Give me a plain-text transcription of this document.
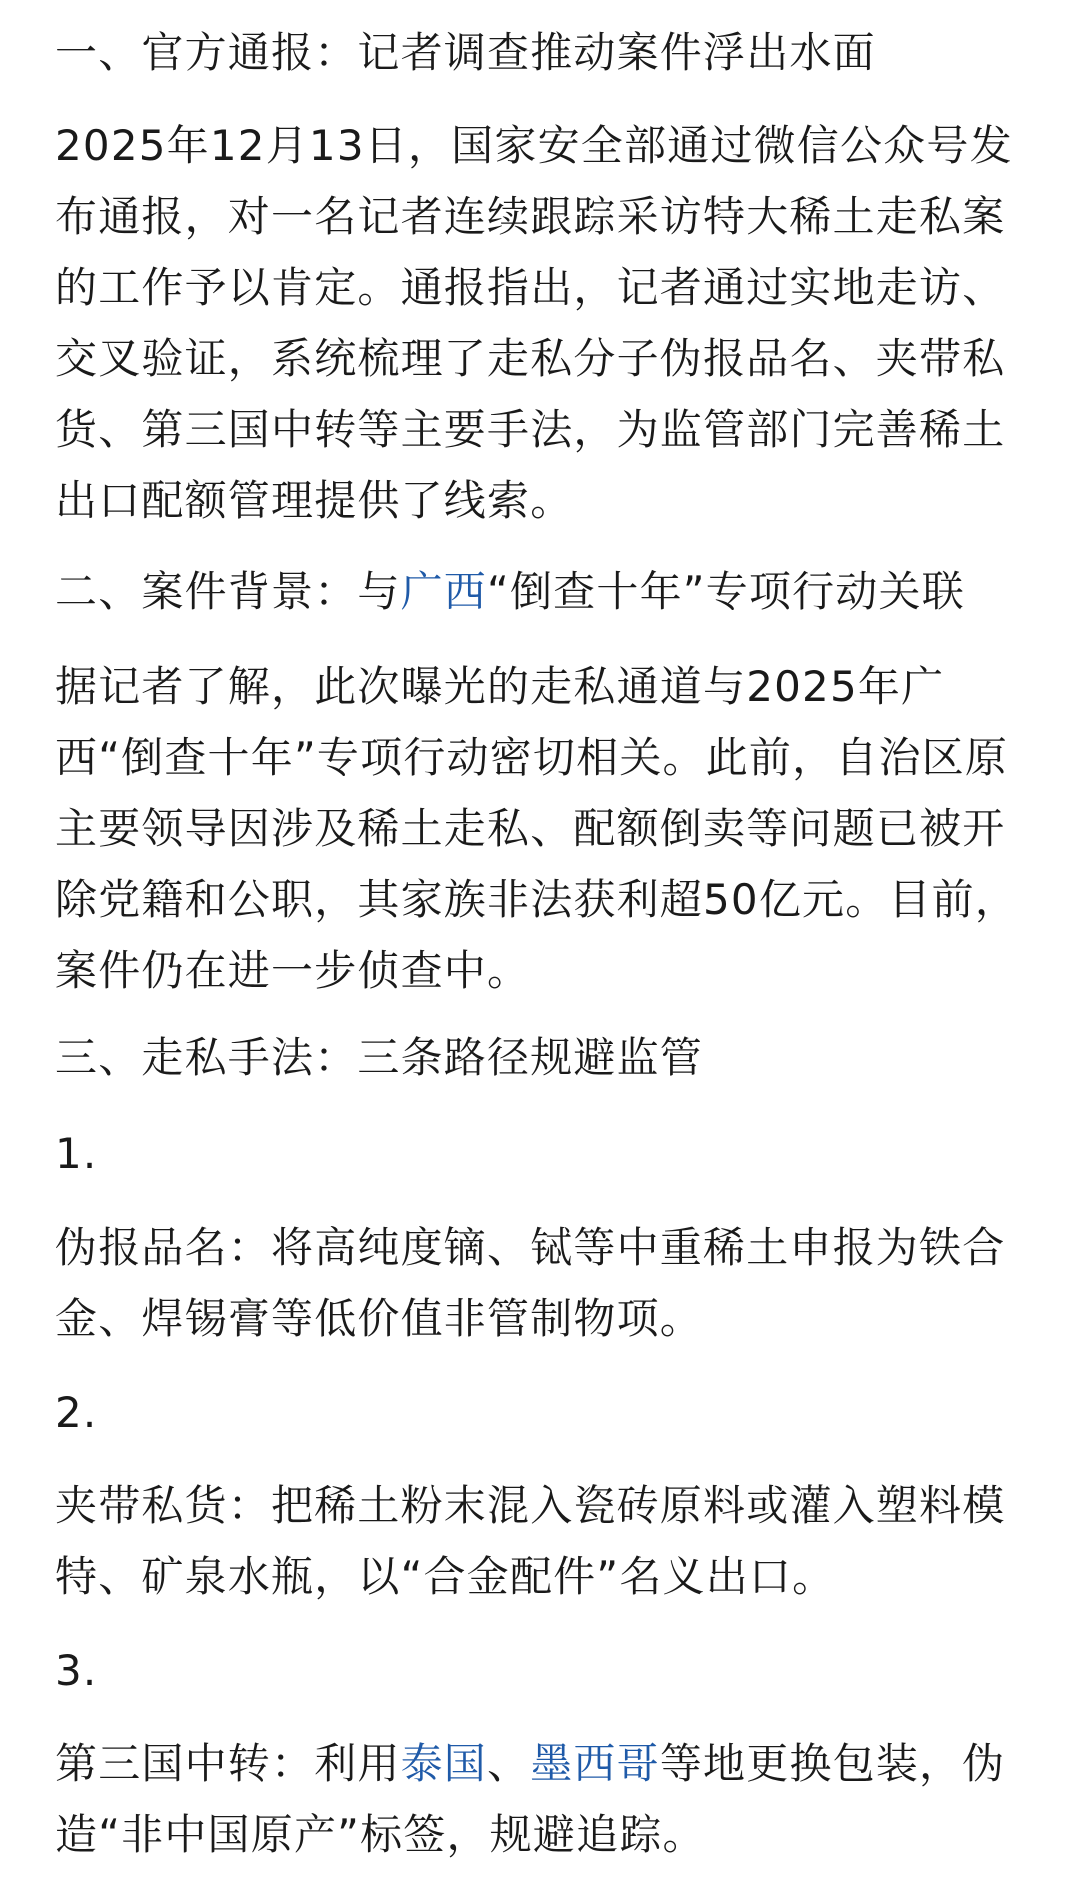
一、官方通报：记者调查推动案件浮出水面

2025年12月13日，国家安全部通过微信公众号发布通报，对一名记者连续跟踪采访特大稀土走私案的工作予以肯定。通报指出，记者通过实地走访、交叉验证，系统梳理了走私分子伪报品名、夹带私货、第三国中转等主要手法，为监管部门完善稀土出口配额管理提供了线索。

二、案件背景：与广西“倒查十年”专项行动关联

据记者了解，此次曝光的走私通道与2025年广西“倒查十年”专项行动密切相关。此前，自治区原主要领导因涉及稀土走私、配额倒卖等问题已被开除党籍和公职，其家族非法获利超50亿元。目前，案件仍在进一步侦查中。

三、走私手法：三条路径规避监管

1.

伪报品名：将高纯度镝、铽等中重稀土申报为铁合金、焊锡膏等低价值非管制物项。

2.

夹带私货：把稀土粉末混入瓷砖原料或灌入塑料模特、矿泉水瓶，以“合金配件”名义出口。

3.

第三国中转：利用泰国、墨西哥等地更换包装，伪造“非中国原产”标签，规避追踪。
